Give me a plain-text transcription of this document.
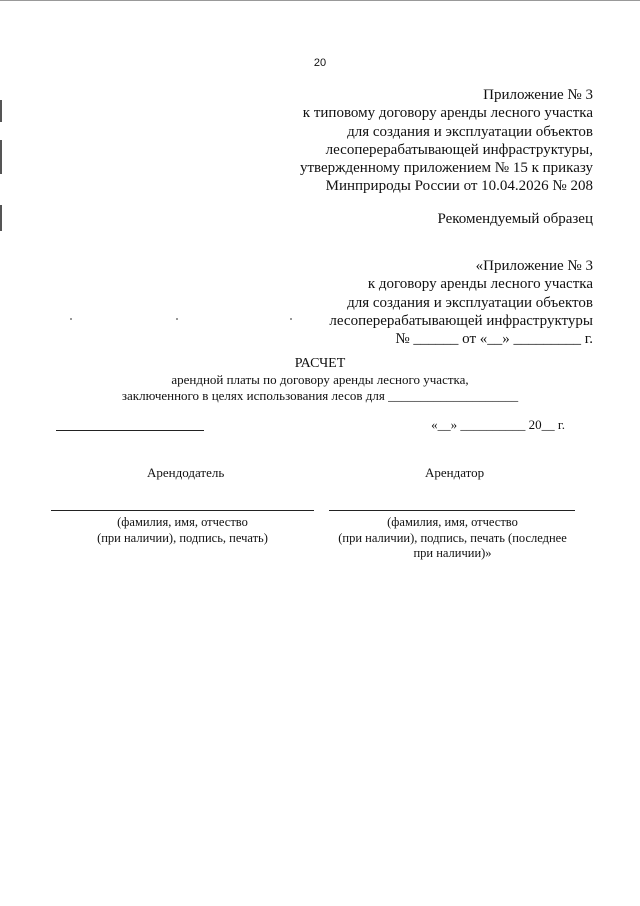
20
Приложение № 3
к типовому договору аренды лесного участка
для создания и эксплуатации объектов
лесоперерабатывающей инфраструктуры,
утвержденному приложением № 15 к приказу
Минприроды России от 10.04.2026 № 208
Рекомендуемый образец
«Приложение № 3
к договору аренды лесного участка
для создания и эксплуатации объектов
лесоперерабатывающей инфраструктуры
№ ______ от «__» _________ г.
РАСЧЕТ
арендной платы по договору аренды лесного участка,
заключенного в целях использования лесов для ____________________
«__» __________ 20__ г.
Арендодатель	Арендатор
(фамилия, имя, отчество
(при наличии), подпись, печать)
(фамилия, имя, отчество
(при наличии), подпись, печать (последнее
при наличии)»
